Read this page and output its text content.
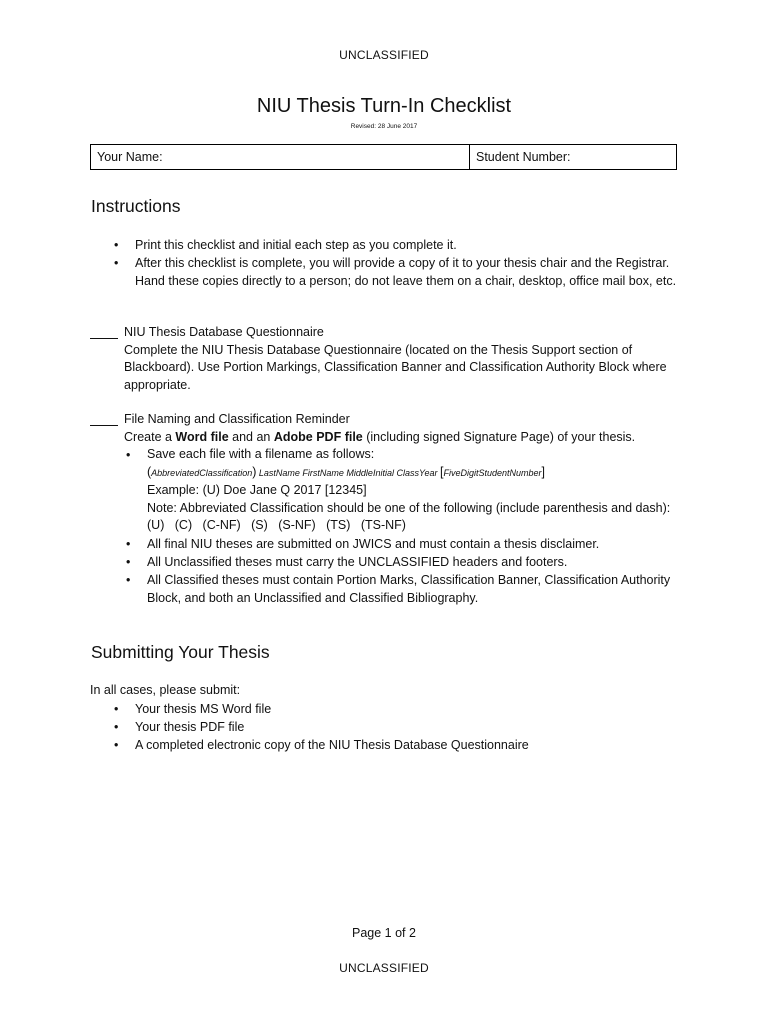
UNCLASSIFIED
NIU Thesis Turn-In Checklist
Revised: 28 June 2017
Your Name:	Student Number:
Instructions
• Print this checklist and initial each step as you complete it.
• After this checklist is complete, you will provide a copy of it to your thesis chair and the Registrar. Hand these copies directly to a person; do not leave them on a chair, desktop, office mail box, etc.
NIU Thesis Database Questionnaire
Complete the NIU Thesis Database Questionnaire (located on the Thesis Support section of Blackboard). Use Portion Markings, Classification Banner and Classification Authority Block where appropriate.
File Naming and Classification Reminder
Create a Word file and an Adobe PDF file (including signed Signature Page) of your thesis.
• Save each file with a filename as follows:
(AbbreviatedClassification) LastName FirstName MiddleInitial ClassYear [FiveDigitStudentNumber]
Example: (U) Doe Jane Q 2017 [12345]
Note: Abbreviated Classification should be one of the following (include parenthesis and dash):
(U)   (C)   (C-NF)   (S)   (S-NF)   (TS)   (TS-NF)
• All final NIU theses are submitted on JWICS and must contain a thesis disclaimer.
• All Unclassified theses must carry the UNCLASSIFIED headers and footers.
• All Classified theses must contain Portion Marks, Classification Banner, Classification Authority Block, and both an Unclassified and Classified Bibliography.
Submitting Your Thesis
In all cases, please submit:
• Your thesis MS Word file
• Your thesis PDF file
• A completed electronic copy of the NIU Thesis Database Questionnaire
Page 1 of 2
UNCLASSIFIED
